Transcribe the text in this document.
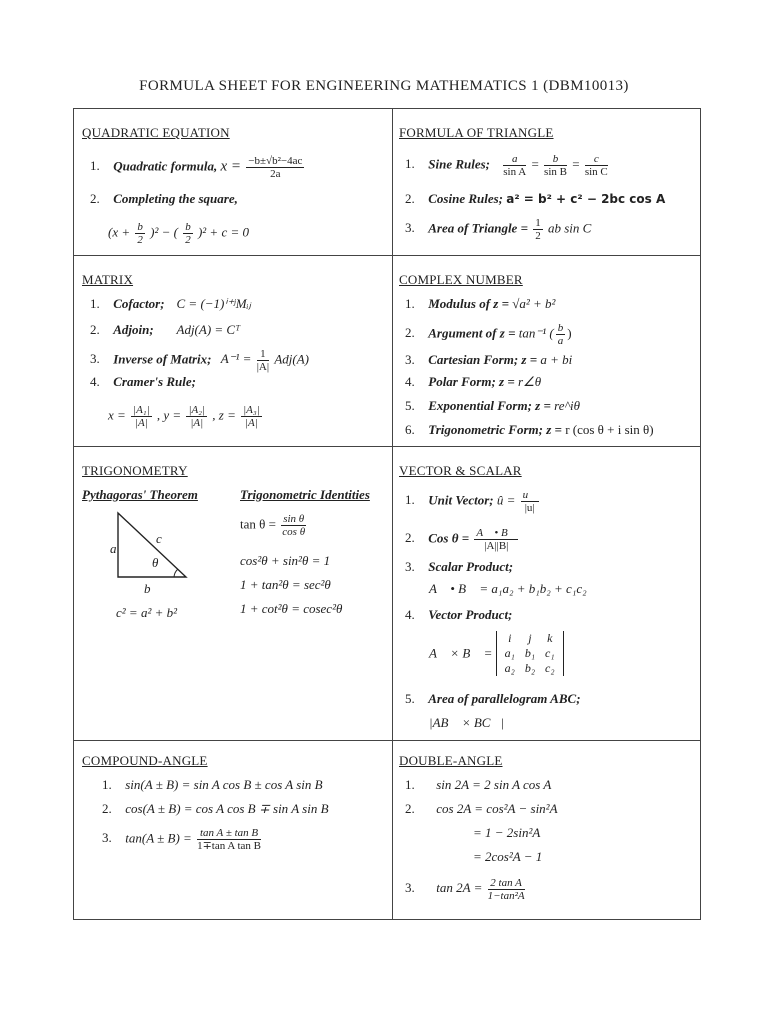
FORMULA SHEET FOR ENGINEERING MATHEMATICS 1 (DBM10013)
QUADRATIC EQUATION
1. Quadratic formula, $x = \frac{\text{−b±√b²−4ac}}{2a}$
2. Completing the square,
$(x + \frac{b}{2} )^2$ − ( $\frac{b}{2} )^2 + c = 0$
FORMULA OF TRIANGLE
1. Sine Rules; $\frac{a}{\text{sin A}} = \frac{b}{\text{sin B}} = \frac{c}{\text{sin C}}$
2. Cosine Rules; a² = b² + c² − 2bc cos A
3. Area of Triangle = $\frac{1}{2}$ ab sin C
MATRIX
1. Cofactor; C = (−1)ⁱ⁺ʲMᵢⱼ
2. Adjoin; Adj(A) = Cᵀ
3. Inverse of Matrix; $A^{-1} = \frac{1}{|A|} Adj(A)$
4. Cramer's Rule;
$x = \frac{\text{|A₁|}}{|A|}$ , $y = \frac{\text{|A₂|}}{|A|}$ , $z = \frac{\text{|A₃|}}{|A|}$
COMPLEX NUMBER
1. Modulus of z = √a² + b²
2. Argument of z = tan⁻¹ ( $\frac{b}{a}$ )
3. Cartesian Form; z = a + bi
4. Polar Form; z = r∠θ
5. Exponential Form; z = re^iθ
6. Trigonometric Form; z = r (cos θ + i sin θ)
TRIGONOMETRY
Pythagoras' Theorem	Trigonometric Identities
a
c
θ
b
c² = a² + b²
$\tan \theta = \frac{\text{sin θ}}{\text{cos θ}}$
cos²θ + sin²θ = 1
1 + tan²θ = sec²θ
1 + cot²θ = cosec²θ
VECTOR & SCALAR
1. Unit Vector; û = $\frac{u⃗}{|u|}$
2. Cos $\theta = \frac{A⃗ • B⃗}{|A||B|}$
3. Scalar Product;
A⃗ • B⃗ = a₁a₂ + b₁b₂ + c₁c₂
4. Vector Product;
A⃗ × B⃗ =
i	j	k
a₁	b₁	c₁
a₂	b₂	c₂
5. Area of parallelogram ABC;
|AB⃗ × BC⃗|
COMPOUND-ANGLE
1. sin(A ± B) = sin A cos B ± cos A sin B
2. cos(A ± B) = cos A cos B ∓ sin A sin B
3. $\tan(A \pm B) = \frac{\text{tan A ± tan B}}{\text{1∓tan A tan B}}$
DOUBLE-ANGLE
1. sin 2A = 2 sin A cos A
2. cos 2A = cos²A − sin²A
= 1 − 2sin²A
= 2cos²A − 1
3. $\tan 2A = \frac{\text{2 tan A}}{\text{1−tan²A}}$
